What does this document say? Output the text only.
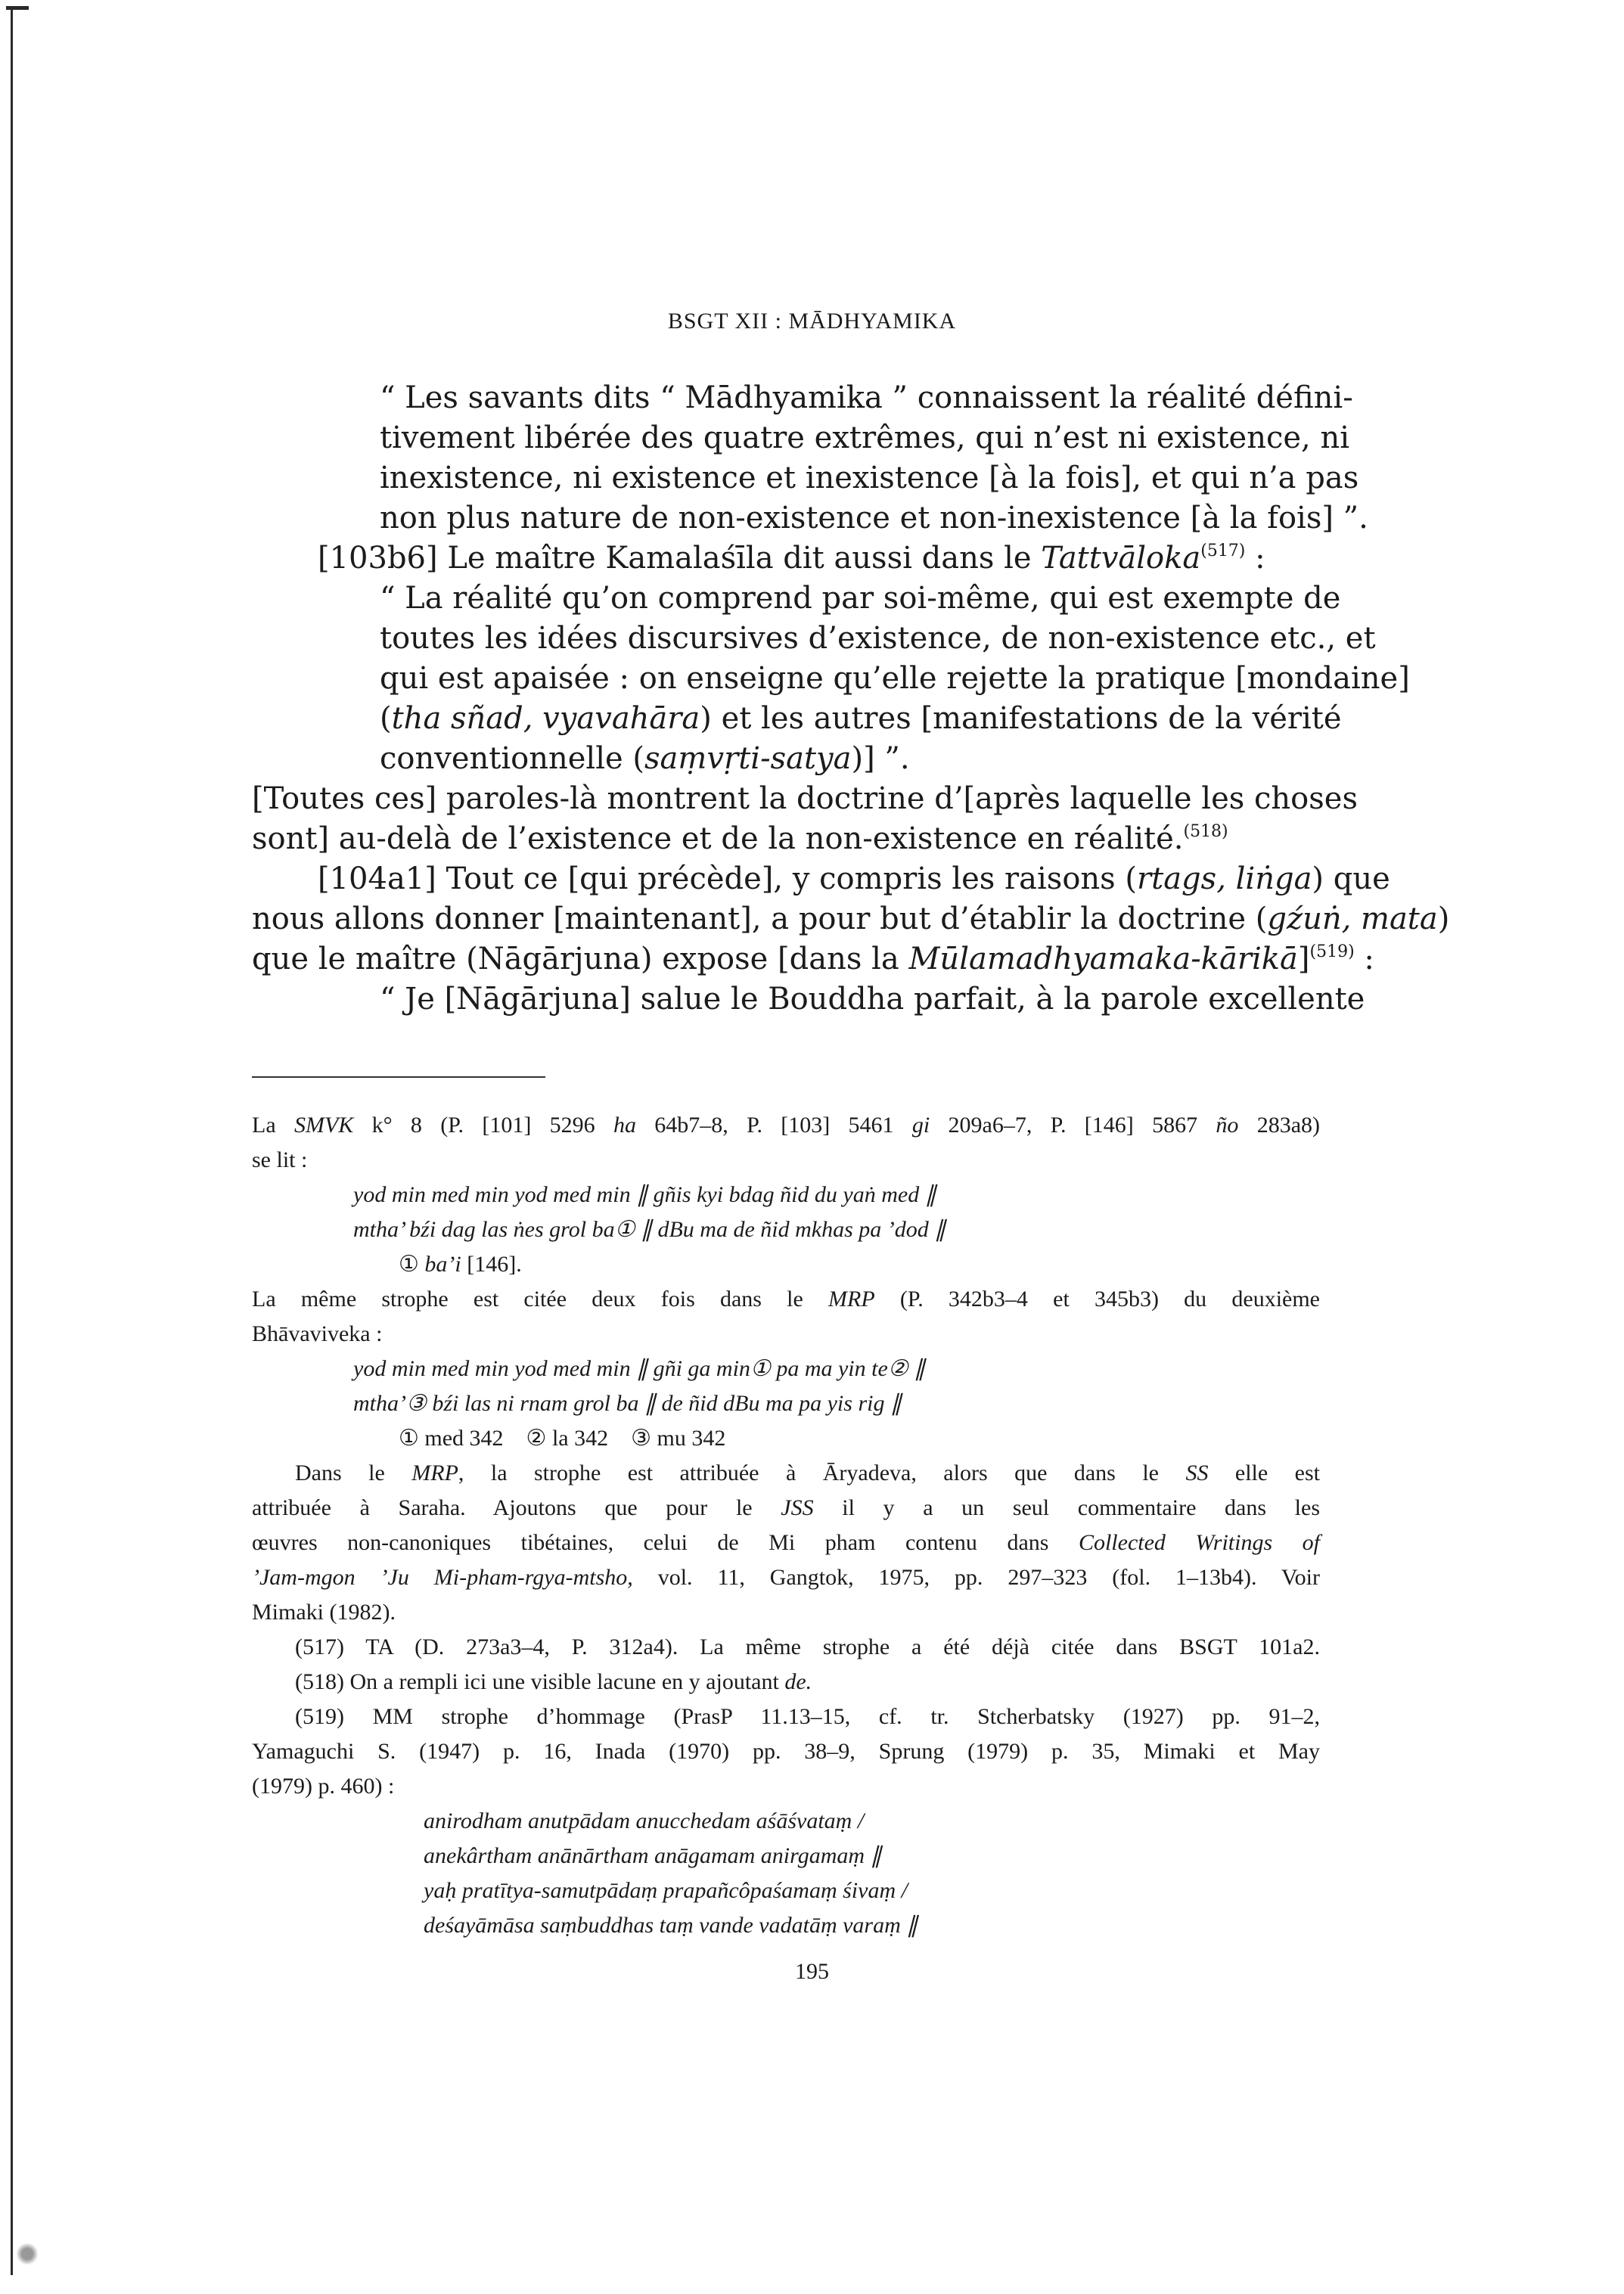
BSGT XII : MĀDHYAMIKA
“ Les savants dits “ Mādhyamika ” connaissent la réalité défini-
tivement libérée des quatre extrêmes, qui n’est ni existence, ni
inexistence, ni existence et inexistence [à la fois], et qui n’a pas
non plus nature de non-existence et non-inexistence [à la fois] ”.
[103b6] Le maître Kamalaśīla dit aussi dans le Tattvāloka$^{(517)}$ :
“ La réalité qu’on comprend par soi-même, qui est exempte de
toutes les idées discursives d’existence, de non-existence etc., et
qui est apaisée : on enseigne qu’elle rejette la pratique [mondaine]
(tha sñad, vyavahāra) et les autres [manifestations de la vérité
conventionnelle (saṃvṛti-satya)] ”.
[Toutes ces] paroles-là montrent la doctrine d’[après laquelle les choses
sont] au-delà de l’existence et de la non-existence en réalité.$^{(518)}$
[104a1] Tout ce [qui précède], y compris les raisons (rtags, liṅga) que
nous allons donner [maintenant], a pour but d’établir la doctrine (gźuṅ, mata)
que le maître (Nāgārjuna) expose [dans la Mūlamadhyamaka-kārikā]$^{(519)}$ :
“ Je [Nāgārjuna] salue le Bouddha parfait, à la parole excellente
La SMVK k° 8 (P. [101] 5296 ha 64b7–8, P. [103] 5461 gi 209a6–7, P. [146] 5867 ño 283a8)
se lit :
yod min med min yod med min ∥ gñis kyi bdag ñid du yaṅ med ∥
mtha’ bźi dag las ṅes grol ba① ∥ dBu ma de ñid mkhas pa ’dod ∥
① ba’i [146].
La même strophe est citée deux fois dans le MRP (P. 342b3–4 et 345b3) du deuxième
Bhāvaviveka :
yod min med min yod med min ∥ gñi ga min① pa ma yin te② ∥
mtha’③ bźi las ni rnam grol ba ∥ de ñid dBu ma pa yis rig ∥
① med 342    ② la 342    ③ mu 342
Dans le MRP, la strophe est attribuée à Āryadeva, alors que dans le SS elle est
attribuée à Saraha. Ajoutons que pour le JSS il y a un seul commentaire dans les
œuvres non-canoniques tibétaines, celui de Mi pham contenu dans Collected Writings of
’Jam-mgon ’Ju Mi-pham-rgya-mtsho, vol. 11, Gangtok, 1975, pp. 297–323 (fol. 1–13b4). Voir
Mimaki (1982).
(517) TA (D. 273a3–4, P. 312a4). La même strophe a été déjà citée dans BSGT 101a2.
(518) On a rempli ici une visible lacune en y ajoutant de.
(519) MM strophe d’hommage (PrasP 11.13–15, cf. tr. Stcherbatsky (1927) pp. 91–2,
Yamaguchi S. (1947) p. 16, Inada (1970) pp. 38–9, Sprung (1979) p. 35, Mimaki et May
(1979) p. 460) :
anirodham anutpādam anucchedam aśāśvataṃ /
anekârtham anānārtham anāgamam anirgamaṃ ∥
yaḥ pratītya-samutpādaṃ prapañcôpaśamaṃ śivaṃ /
deśayāmāsa saṃbuddhas taṃ vande vadatāṃ varaṃ ∥
195
